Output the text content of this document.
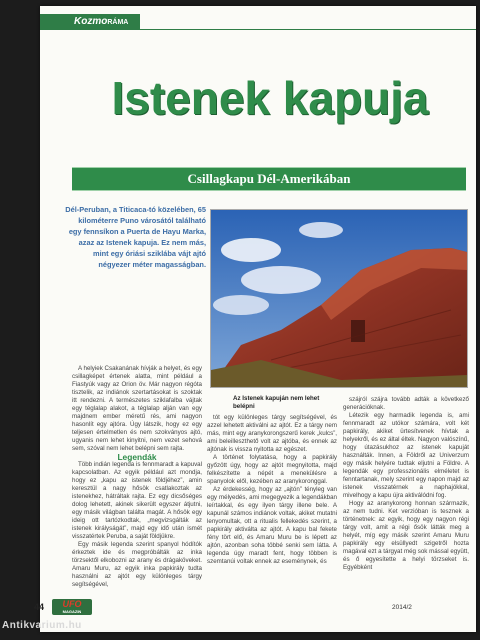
KozmoRÁMA
Istenek kapuja
Csillagkapu Dél-Amerikában
Dél-Peruban, a Titicaca-tó közelében, 65 kilométerre Puno városától található egy fennsíkon a Puerta de Hayu Marka, azaz az Istenek kapuja. Ez nem más, mint egy óriási sziklába vájt ajtó négyezer méter magasságban.
Az Istenek kapuján nem lehet belépni

A helyiek Csakanának hívják a helyet, és egy csillagképet értenek alatta, mint például a Fiastyúk vagy az Orion öv. Már nagyon régóta tisztelik, az indiánok szertartásokat is szoktak itt rendezni. A természetes sziklafalba vájtak egy téglalap alakot, a téglalap alján van egy majdnem ember méretű rés, ami nagyon hasonlít egy ajtóra. Úgy látszik, hogy ez egy teljesen értelmetlen és nem szokványos ajtó, ugyanis nem lehet kinyitni, nem vezet sehová sem, szóval nem lehet belépni sem rajta.

Legendák

Több indián legenda is fennmaradt a kapuval kapcsolatban. Az egyik például azt mondja, hogy ez „kapu az istenek földjéhez”, amin keresztül a nagy hősök csatlakoztak az istenekhez, hátráltak rajta. Ez egy dicsőséges dolog lehetett, akinek sikerült egyszer átjutni, egy másik világban találta magát. A hősök egy ideig ott tartózkodtak, „megvizsgálták az istenek királyságát”, majd egy idő után ismét visszatértek Peruba, a saját földjükre.

Egy másik legenda szerint spanyol hódítók érkeztek ide és megpróbálták az inka törzsektől elkobozni az arany és drágaköveket. Amaru Muru, az egyik inka papkirály tudta használni az ajtót egy különleges tárgy segítségével,

tót egy különleges tárgy segítségével, és azzel lehetett aktiválni az ajtót. Ez a tárgy nem más, mint egy aranykorongszerű kerek „kulcs”, ami beleilleszthető volt az ajtóba, és ennek az ajtónak is vissza nyitotta az egészet.

A történet folytatása, hogy a papkirály győzött úgy, hogy az ajtót megnyitotta, majd felkészítette a népét a menekülésre a spanyolok elől, kezében az aranykoronggal.

Az érdekesség, hogy az „ajtón” tényleg van egy mélyedés, ami megegyezik a legendákban leírtakkal, és egy ilyen tárgy illene bele. A kapunál számos indiánok voltak, akiket mutatni lenyomultak, ott a ritualis fellekedés szerint, a papkirály aktiválta az ajtót. A kapu bal fekete fény tört elő, és Amaru Muru be is lépett az ajtón, azonban soha többé senki sem látta. A legenda úgy maradt fent, hogy többen is szemtanúi voltak ennek az eseménynek, és

szájról szájra tovább adták a következő generációknak.

Létezik egy harmadik legenda is, ami fennmaradt az utókor számára, volt két papkirály, akiket ürtesítvenek hívtak a helyekről, és ez által éltek. Nagyon valószínű, hogy útazásukhoz az istenek kapuját használták. Innen, a Földről az Univerzum egy másik helyére tudtak eljutni a Földre. A legendák egy professzionális elméletet is fenntartanak, mely szerint egy napon majd az istenek visszatérnek a naphajókkal, mivelhogy a kapu újra aktiválódni fog.

Hogy az aranykorong honnan származik, az nem tudni. Ket verzióban is tesznek a történetnek: az egyik, hogy egy nagyon régi tárgy volt, amit a régi ősök látták meg a helyét, míg egy másik szerint Amaru Muru papkirály egy elsüllyedt szigetről hozta magával ezt a tárgyat még sok mással együtt, és ő egyesítette a helyi törzseket is. Egyébként

44	UFO
MAGAZIN
2014/2
Antikvarium.hu
